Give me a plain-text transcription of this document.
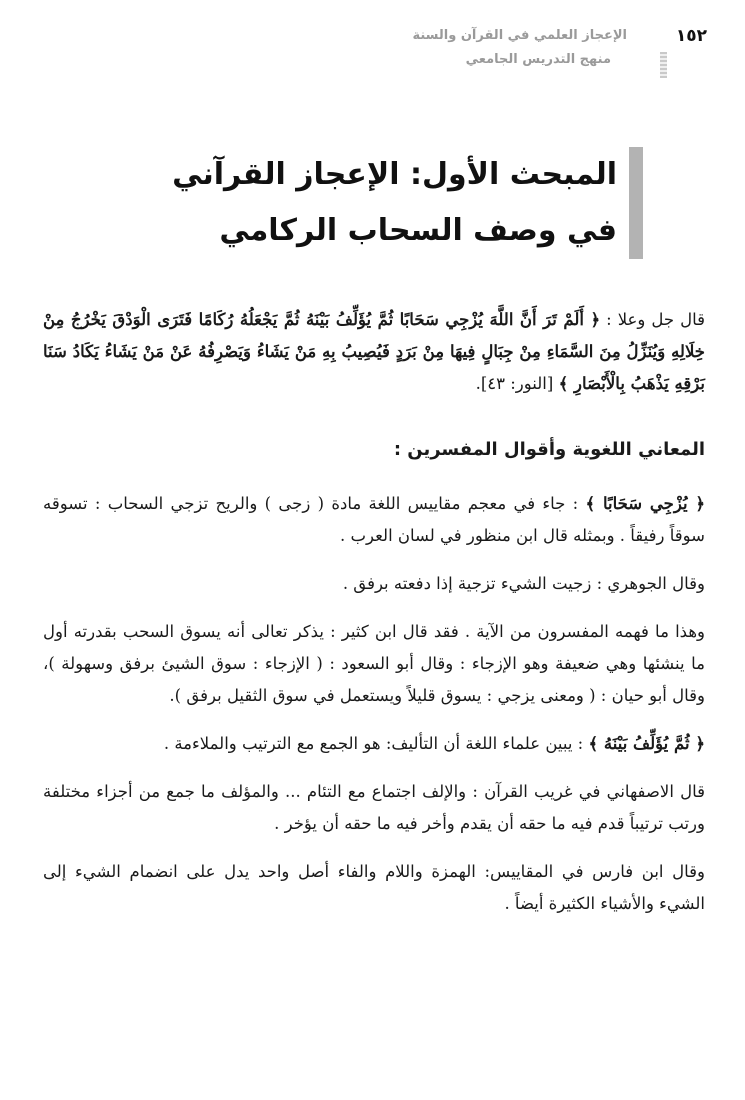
١٥٢
الإعجاز العلمي في القرآن والسنة
منهج التدريس الجامعي
المبحث الأول: الإعجاز القرآني
في وصف السحاب الركامي

قال جل وعلا : ﴿ أَلَمْ تَرَ أَنَّ اللَّهَ يُزْجِي سَحَابًا ثُمَّ يُؤَلِّفُ بَيْنَهُ ثُمَّ يَجْعَلُهُ رُكَامًا فَتَرَى الْوَدْقَ يَخْرُجُ مِنْ خِلَالِهِ وَيُنَزِّلُ مِنَ السَّمَاءِ مِنْ جِبَالٍ فِيهَا مِنْ بَرَدٍ فَيُصِيبُ بِهِ مَنْ يَشَاءُ وَيَصْرِفُهُ عَنْ مَنْ يَشَاءُ يَكَادُ سَنَا بَرْقِهِ يَذْهَبُ بِالْأَبْصَارِ ﴾ [النور: ٤٣].

المعاني اللغوية وأقوال المفسرين :

﴿ يُزْجِي سَحَابًا ﴾ : جاء في معجم مقاييس اللغة مادة ( زجى ) والريح تزجي السحاب : تسوقه سوقاً رفيقاً . وبمثله قال ابن منظور في لسان العرب .

وقال الجوهري : زجيت الشيء تزجية إذا دفعته برفق .

وهذا ما فهمه المفسرون من الآية . فقد قال ابن كثير : يذكر تعالى أنه يسوق السحب بقدرته أول ما ينشئها وهي ضعيفة وهو الإزجاء : وقال أبو السعود : ( الإزجاء : سوق الشيئ برفق وسهولة )، وقال أبو حيان : ( ومعنى يزجي : يسوق قليلاً ويستعمل في سوق الثقيل برفق ).

﴿ ثُمَّ يُؤَلِّفُ بَيْنَهُ ﴾ : يبين علماء اللغة أن التأليف: هو الجمع مع الترتيب والملاءمة .

قال الاصفهاني في غريب القرآن : والإلف اجتماع مع التئام ... والمؤلف ما جمع من أجزاء مختلفة ورتب ترتيباً قدم فيه ما حقه أن يقدم وأخر فيه ما حقه أن يؤخر .

وقال ابن فارس في المقاييس: الهمزة واللام والفاء أصل واحد يدل على انضمام الشيء إلى الشيء والأشياء الكثيرة أيضاً .
